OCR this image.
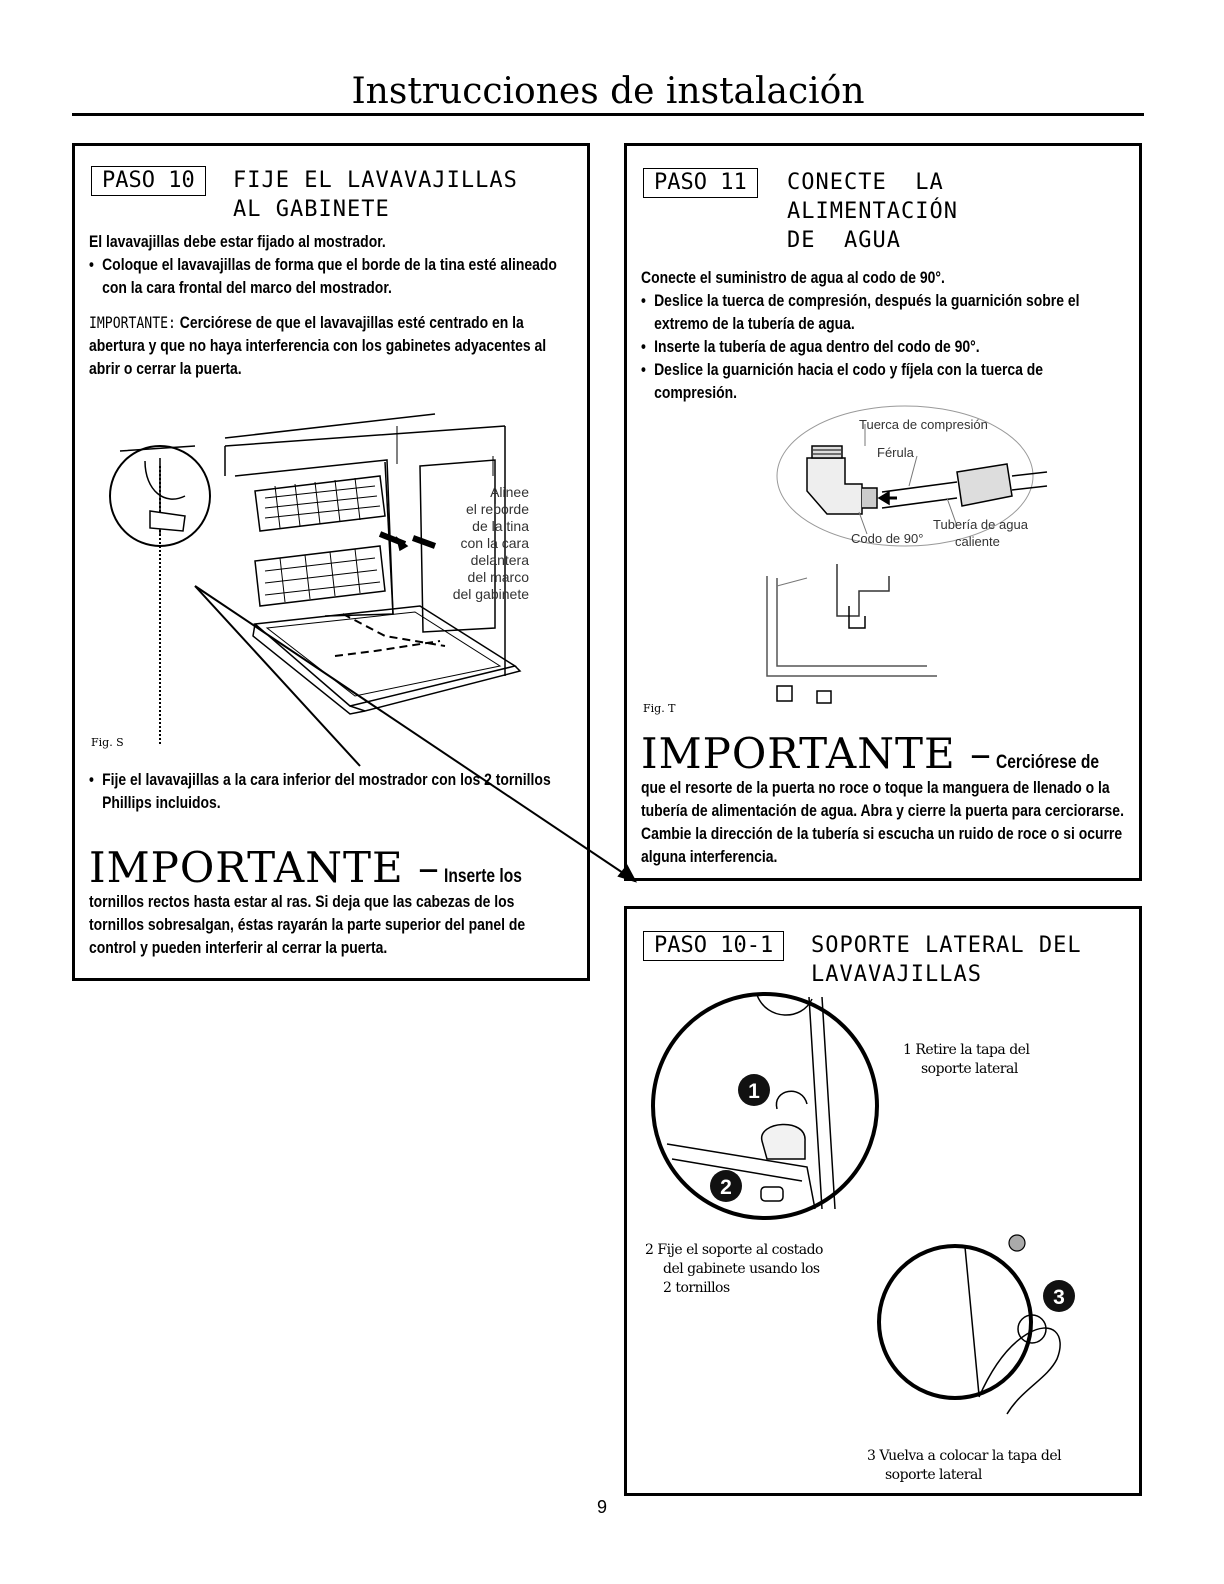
Instrucciones de instalación
PASO 10	FIJE EL LAVAVAJILLAS
AL GABINETE
El lavavajillas debe estar fijado al mostrador.
• Coloque el lavavajillas de forma que el borde de la tina esté alineado con la cara frontal del marco del mostrador.
IMPORTANTE: Cerciórese de que el lavavajillas esté centrado en la abertura y que no haya interferencia con los gabinetes adyacentes al abrir o cerrar la puerta.
Alinee
el reborde
de la tina
con la cara
delantera
del marco
del gabinete
Fig. S
• Fije el lavavajillas a la cara inferior del mostrador con los 2 tornillos Phillips incluidos.
IMPORTANTE – Inserte los
tornillos rectos hasta estar al ras. Si deja que las cabezas de los tornillos sobresalgan, éstas rayarán la parte superior del panel de control y pueden interferir al cerrar la puerta.
PASO 11	CONECTE  LA
ALIMENTACIÓN
DE  AGUA
Conecte el suministro de agua al codo de 90°.
• Deslice la tuerca de compresión, después la guarnición sobre el extremo de la tubería de agua.
• Inserte la tubería de agua dentro del codo de 90°.
• Deslice la guarnición hacia el codo y fíjela con la tuerca de compresión.
Tuerca de compresión
Férula
Codo de 90°
Tubería de agua
caliente
Fig. T
IMPORTANTE – Cerciórese de
que el resorte de la puerta no roce o toque la manguera de llenado o la tubería de alimentación de agua. Abra y cierre la puerta para cerciorarse. Cambie la dirección de la tubería si escucha un ruido de roce o si ocurre alguna interferencia.
PASO 10-1	SOPORTE LATERAL DEL
LAVAVAJILLAS
1
2
3
1 Retire la tapa del
soporte lateral
2 Fije el soporte al costado
del gabinete usando los
2 tornillos
3 Vuelva a colocar la tapa del
soporte lateral
9
